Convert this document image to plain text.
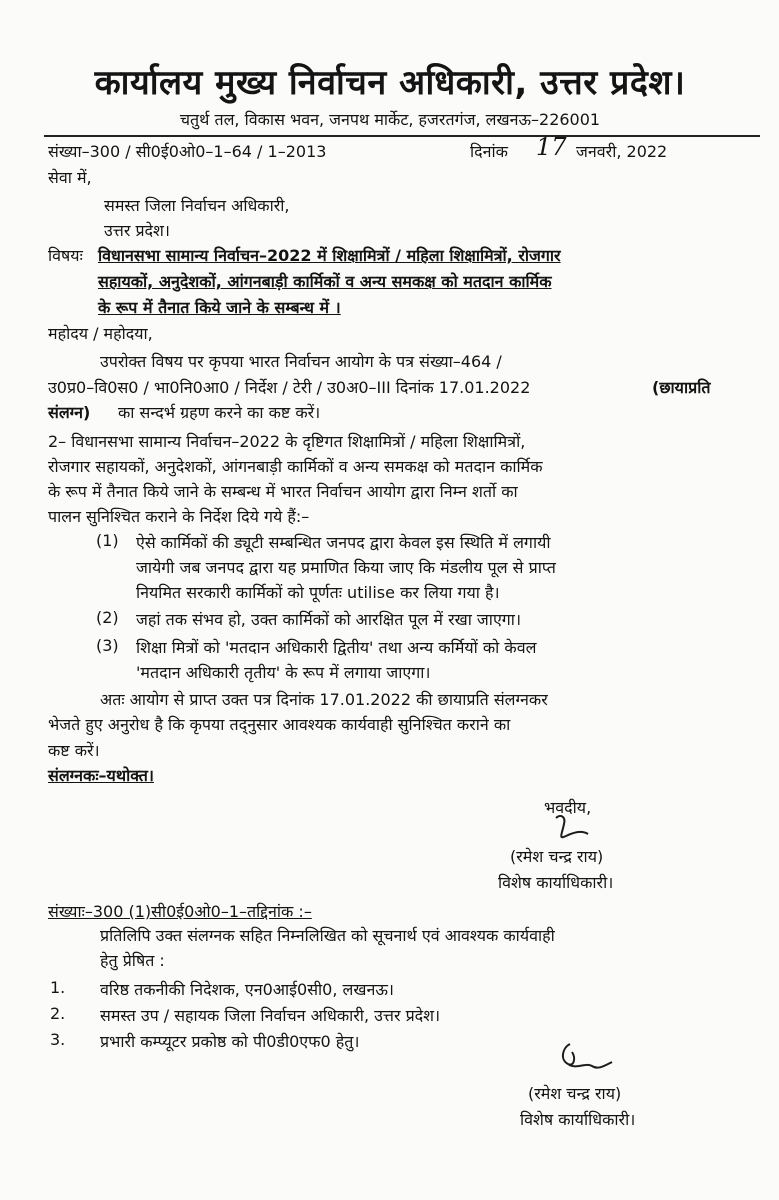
कार्यालय मुख्य निर्वाचन अधिकारी, उत्तर प्रदेश।
चतुर्थ तल, विकास भवन, जनपथ मार्केट, हजरतगंज, लखनऊ–226001
संख्या–300 / सी0ई0ओ0–1–64 / 1–2013	दिनांक 17 जनवरी, 2022
सेवा में,
समस्त जिला निर्वाचन अधिकारी,
उत्तर प्रदेश।
विषयः विधानसभा सामान्य निर्वाचन–2022 में शिक्षामित्रों / महिला शिक्षामित्रों, रोजगार
सहायकों, अनुदेशकों, आंगनबाड़ी कार्मिकों व अन्य समकक्ष को मतदान कार्मिक
के रूप में तैनात किये जाने के सम्बन्ध में ।
महोदय / महोदया,
उपरोक्त विषय पर कृपया भारत निर्वाचन आयोग के पत्र संख्या–464 /
उ0प्र0–वि0स0 / भा0नि0आ0 / निर्देश / टेरी / उ0अ0–III दिनांक 17.01.2022	(छायाप्रति
संलग्न) का सन्दर्भ ग्रहण करने का कष्ट करें।
2– विधानसभा सामान्य निर्वाचन–2022 के दृष्टिगत शिक्षामित्रों / महिला शिक्षामित्रों,
रोजगार सहायकों, अनुदेशकों, आंगनबाड़ी कार्मिकों व अन्य समकक्ष को मतदान कार्मिक
के रूप में तैनात किये जाने के सम्बन्ध में भारत निर्वाचन आयोग द्वारा निम्न शर्तो का
पालन सुनिश्चित कराने के निर्देश दिये गये हैं:–
(1) ऐसे कार्मिकों की ड्यूटी सम्बन्धित जनपद द्वारा केवल इस स्थिति में लगायी
जायेगी जब जनपद द्वारा यह प्रमाणित किया जाए कि मंडलीय पूल से प्राप्त
नियमित सरकारी कार्मिकों को पूर्णतः utilise कर लिया गया है।
(2) जहां तक संभव हो, उक्त कार्मिकों को आरक्षित पूल में रखा जाएगा।
(3) शिक्षा मित्रों को 'मतदान अधिकारी द्वितीय' तथा अन्य कर्मियों को केवल
'मतदान अधिकारी तृतीय' के रूप में लगाया जाएगा।
अतः आयोग से प्राप्त उक्त पत्र दिनांक 17.01.2022 की छायाप्रति संलग्नकर
भेजते हुए अनुरोध है कि कृपया तद्नुसार आवश्यक कार्यवाही सुनिश्चित कराने का
कष्ट करें।
संलग्नकः–यथोक्त।
भवदीय,
(रमेश चन्द्र राय)
विशेष कार्याधिकारी।
संख्याः–300 (1)सी0ई0ओ0–1–तद्दिनांक :–
प्रतिलिपि उक्त संलग्नक सहित निम्नलिखित को सूचनार्थ एवं आवश्यक कार्यवाही
हेतु प्रेषित :
1. वरिष्ठ तकनीकी निदेशक, एन0आई0सी0, लखनऊ।
2. समस्त उप / सहायक जिला निर्वाचन अधिकारी, उत्तर प्रदेश।
3. प्रभारी कम्प्यूटर प्रकोष्ठ को पी0डी0एफ0 हेतु।
(रमेश चन्द्र राय)
विशेष कार्याधिकारी।
